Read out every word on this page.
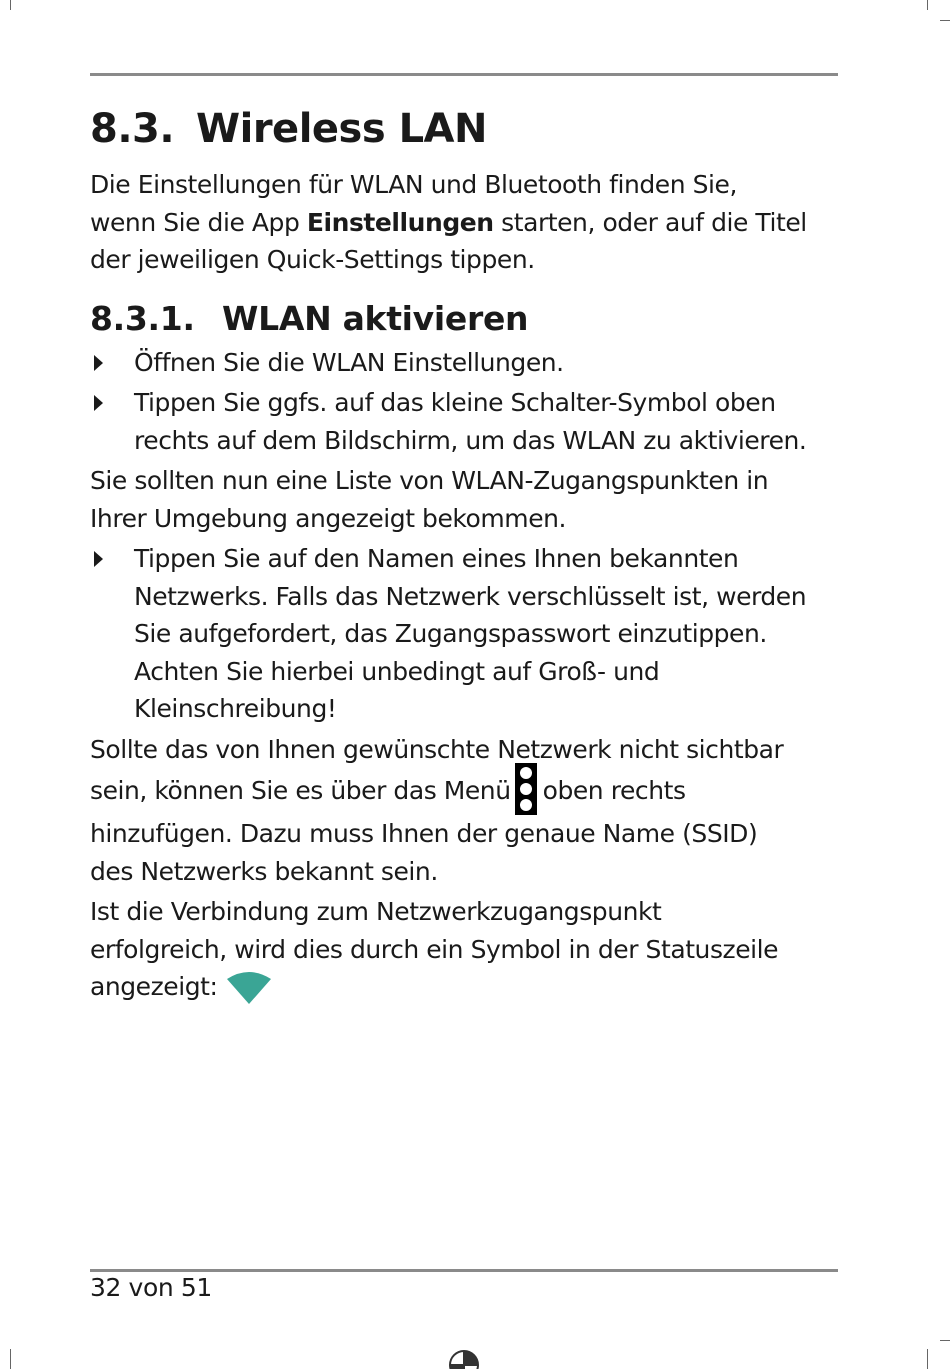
8.3. Wireless LAN

Die Einstellungen für WLAN und Bluetooth finden Sie,

wenn Sie die App Einstellungen starten, oder auf die Titel

der jeweiligen Quick-Settings tippen.

8.3.1. WLAN aktivieren
Öffnen Sie die WLAN Einstellungen.
Tippen Sie ggfs. auf das kleine Schalter-Symbol oben
rechts auf dem Bildschirm, um das WLAN zu aktivieren.

Sie sollten nun eine Liste von WLAN-Zugangspunkten in

Ihrer Umgebung angezeigt bekommen.

Tippen Sie auf den Namen eines Ihnen bekannten
Netzwerks. Falls das Netzwerk verschlüsselt ist, werden
Sie aufgefordert, das Zugangspasswort einzutippen.
Achten Sie hierbei unbedingt auf Groß- und
Kleinschreibung!

Sollte das von Ihnen gewünschte Netzwerk nicht sichtbar

sein, können Sie es über das Menü oben rechts

hinzufügen. Dazu muss Ihnen der genaue Name (SSID)

des Netzwerks bekannt sein.

Ist die Verbindung zum Netzwerkzugangspunkt

erfolgreich, wird dies durch ein Symbol in der Statuszeile

angezeigt:

32 von 51
